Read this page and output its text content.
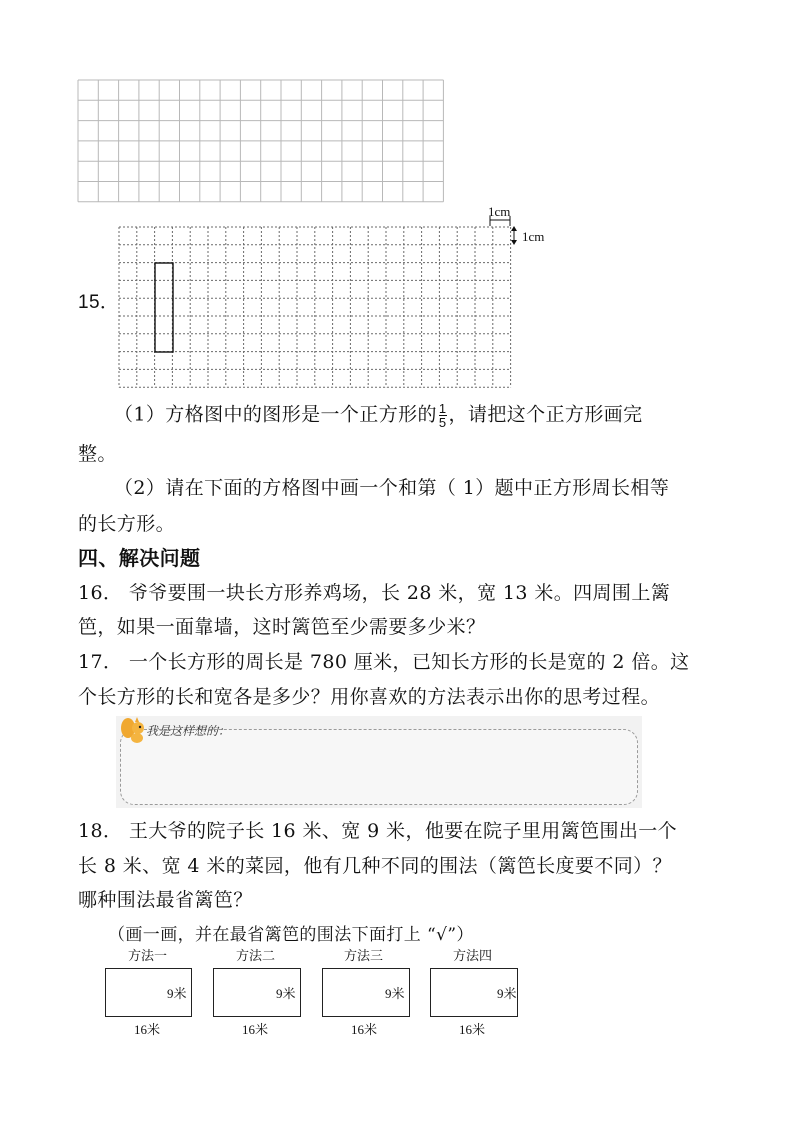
15．
1cm
1cm
（1）方格图中的图形是一个正方形的 $\frac{1}{5}$ ，请把这个正方形画完
整。
（2）请在下面的方格图中画一个和第（ 1）题中正方形周长相等
的长方形。
四、解决问题
16． 爷爷要围一块长方形养鸡场，长 28 米，宽 13 米。四周围上篱
笆，如果一面靠墙，这时篱笆至少需要多少米？
17． 一个长方形的周长是 780 厘米，已知长方形的长是宽的 2 倍。这
个长方形的长和宽各是多少？用你喜欢的方法表示出你的思考过程。
我是这样想的：
18． 王大爷的院子长 16 米、宽 9 米，他要在院子里用篱笆围出一个
长 8 米、宽 4 米的菜园，他有几种不同的围法（篱笆长度要不同）？
哪种围法最省篱笆？
（画一画，并在最省篱笆的围法下面打上 “√”）
方法一
9米
16米
方法二
9米
16米
方法三
9米
16米
方法四
9米
16米
